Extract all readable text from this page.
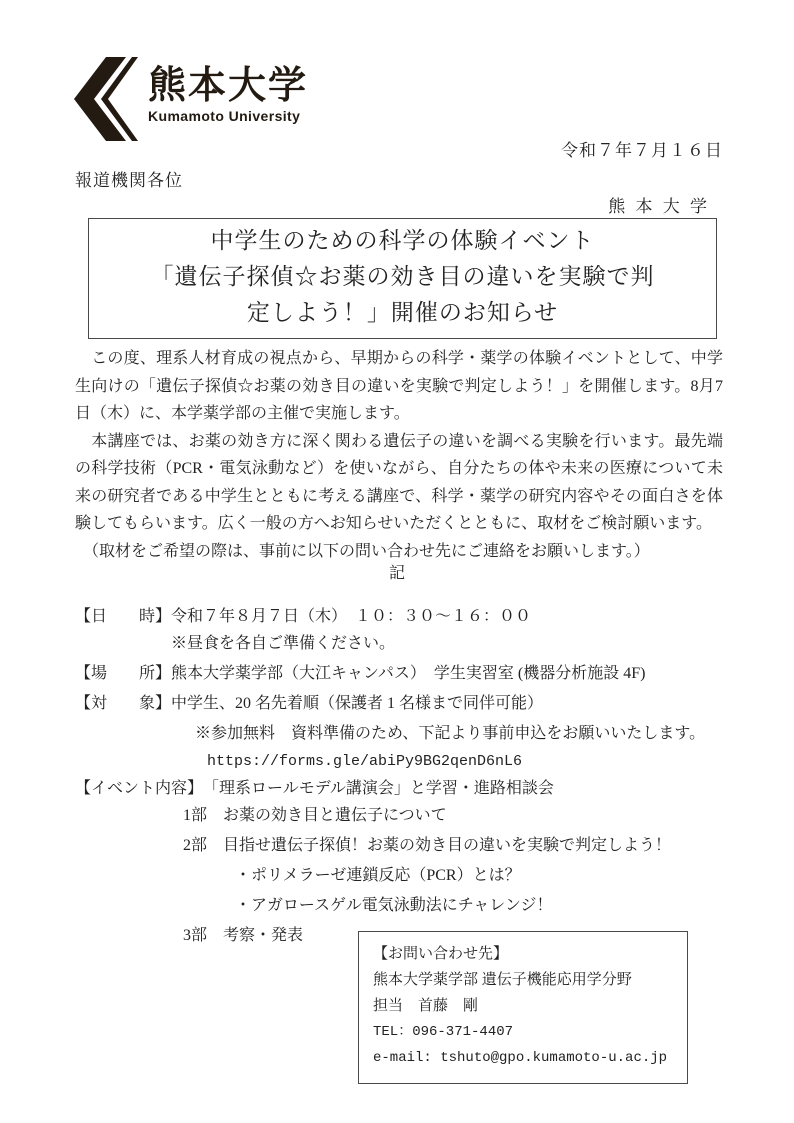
熊本大学
Kumamoto University
令和７年７月１６日
報道機関各位
熊 本 大 学
中学生のための科学の体験イベント
「遺伝子探偵☆お薬の効き目の違いを実験で判
定しよう！」開催のお知らせ

　この度、理系人材育成の視点から、早期からの科学・薬学の体験イベントとして、中学生向けの「遺伝子探偵☆お薬の効き目の違いを実験で判定しよう！」を開催します。8月7日（木）に、本学薬学部の主催で実施します。

　本講座では、お薬の効き方に深く関わる遺伝子の違いを調べる実験を行います。最先端の科学技術（PCR・電気泳動など）を使いながら、自分たちの体や未来の医療について未来の研究者である中学生とともに考える講座で、科学・薬学の研究内容やその面白さを体験してもらいます。広く一般の方へお知らせいただくとともに、取材をご検討願います。

　（取材をご希望の際は、事前に以下の問い合わせ先にご連絡をお願いします。）

記
【日　　時】令和７年８月７日（木）　１０：３０～１６：００
※昼食を各自ご準備ください。
【場　　所】熊本大学薬学部（大江キャンパス）　学生実習室 (機器分析施設 4F)
【対　　象】中学生、20 名先着順（保護者 1 名様まで同伴可能）
※参加無料　資料準備のため、下記より事前申込をお願いいたします。
https://forms.gle/abiPy9BG2qenD6nL6
【イベント内容】「理系ロールモデル講演会」と学習・進路相談会
1部　お薬の効き目と遺伝子について
2部　目指せ遺伝子探偵！お薬の効き目の違いを実験で判定しよう！
・ポリメラーゼ連鎖反応（PCR）とは？
・アガロースゲル電気泳動法にチャレンジ！
3部　考察・発表
【お問い合わせ先】
熊本大学薬学部 遺伝子機能応用学分野
担当　首藤　剛
TEL：096-371-4407
e-mail: tshuto@gpo.kumamoto-u.ac.jp
